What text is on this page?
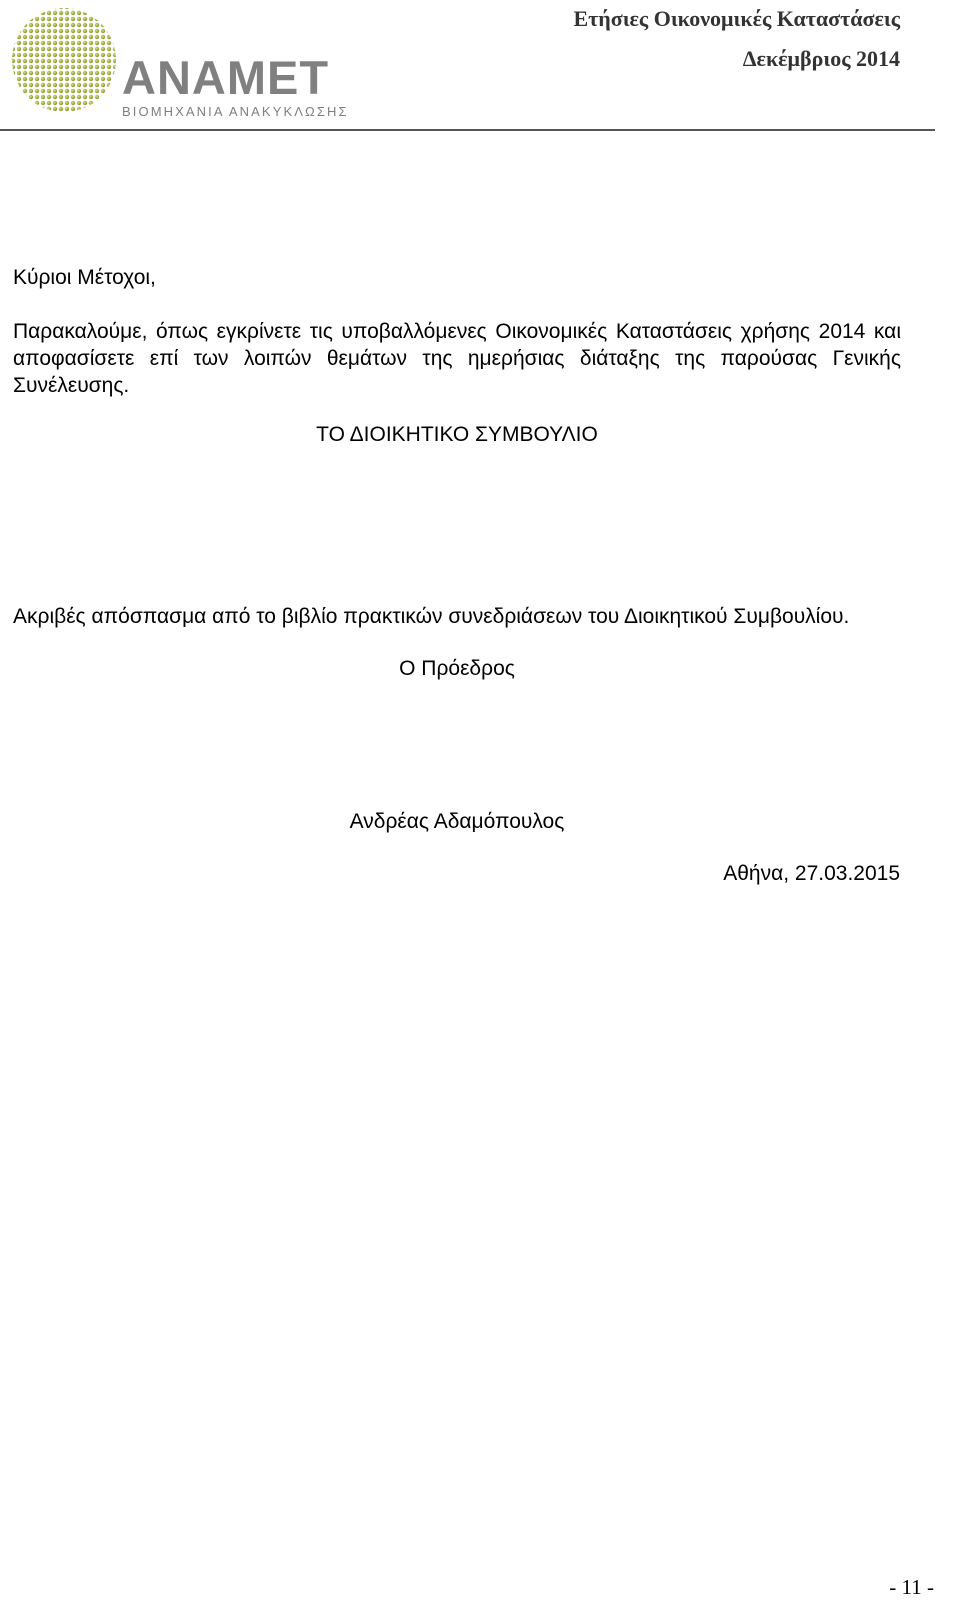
ANAMET
ΒΙΟΜΗΧΑΝΙΑ ΑΝΑΚΥΚΛΩΣΗΣ
Ετήσιες Οικονομικές Καταστάσεις
Δεκέμβριος 2014
Κύριοι Μέτοχοι,
Παρακαλούμε, όπως εγκρίνετε τις υποβαλλόμενες Οικονομικές Καταστάσεις χρήσης 2014 και αποφασίσετε επί των λοιπών θεμάτων της ημερήσιας διάταξης της παρούσας Γενικής Συνέλευσης.
ΤΟ ΔΙΟΙΚΗΤΙΚΟ ΣΥΜΒΟΥΛΙΟ
Ακριβές απόσπασμα από το βιβλίο πρακτικών συνεδριάσεων του Διοικητικού Συμβουλίου.
Ο Πρόεδρος
Ανδρέας Αδαμόπουλος
Αθήνα, 27.03.2015
- 11 -
